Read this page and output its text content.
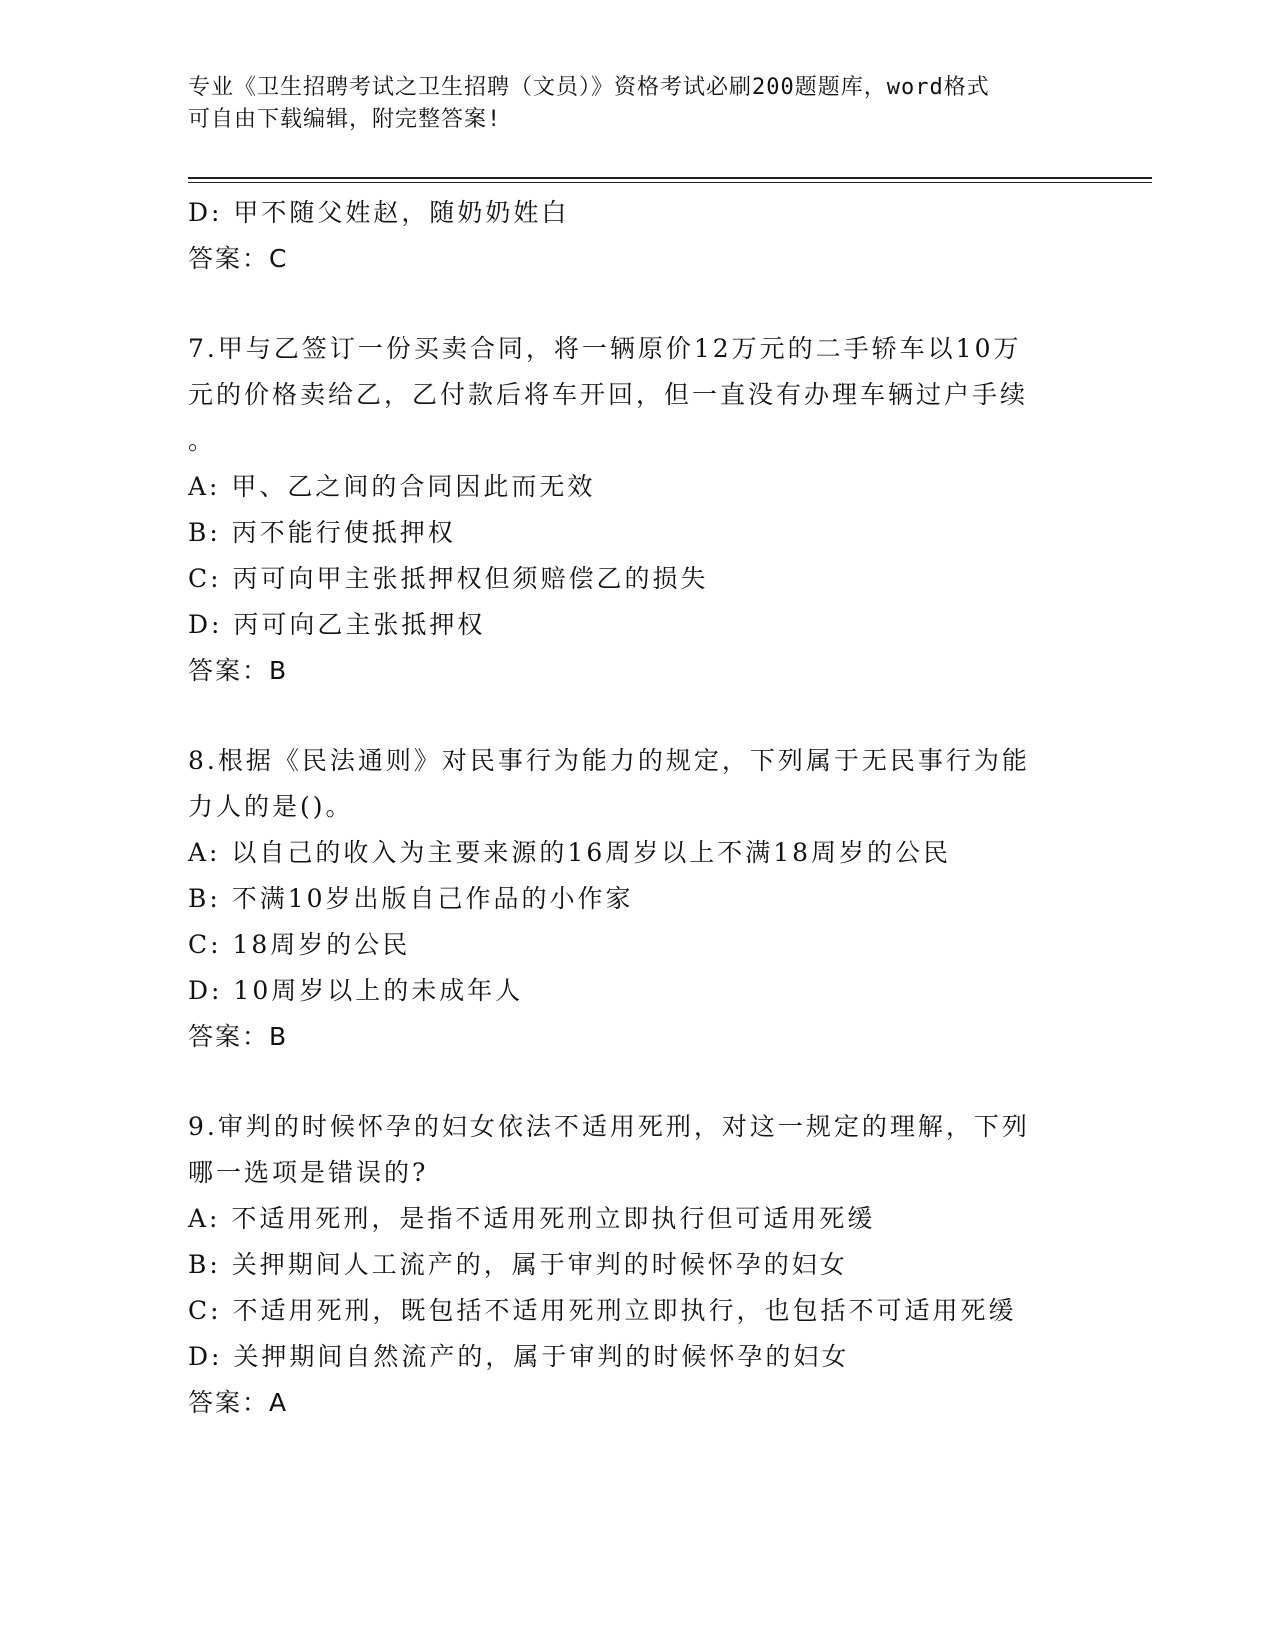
专业《卫生招聘考试之卫生招聘（文员）》资格考试必刷200题题库，word格式
可自由下载编辑，附完整答案!
D: 甲不随父姓赵，随奶奶姓白
答案：C
7.甲与乙签订一份买卖合同，将一辆原价12万元的二手轿车以10万
元的价格卖给乙，乙付款后将车开回，但一直没有办理车辆过户手续
。
A: 甲、乙之间的合同因此而无效
B: 丙不能行使抵押权
C: 丙可向甲主张抵押权但须赔偿乙的损失
D: 丙可向乙主张抵押权
答案：B
8.根据《民法通则》对民事行为能力的规定，下列属于无民事行为能
力人的是()。
A: 以自己的收入为主要来源的16周岁以上不满18周岁的公民
B: 不满10岁出版自己作品的小作家
C: 18周岁的公民
D: 10周岁以上的未成年人
答案：B
9.审判的时候怀孕的妇女依法不适用死刑，对这一规定的理解，下列
哪一选项是错误的?
A: 不适用死刑，是指不适用死刑立即执行但可适用死缓
B: 关押期间人工流产的，属于审判的时候怀孕的妇女
C: 不适用死刑，既包括不适用死刑立即执行，也包括不可适用死缓
D: 关押期间自然流产的，属于审判的时候怀孕的妇女
答案：A
